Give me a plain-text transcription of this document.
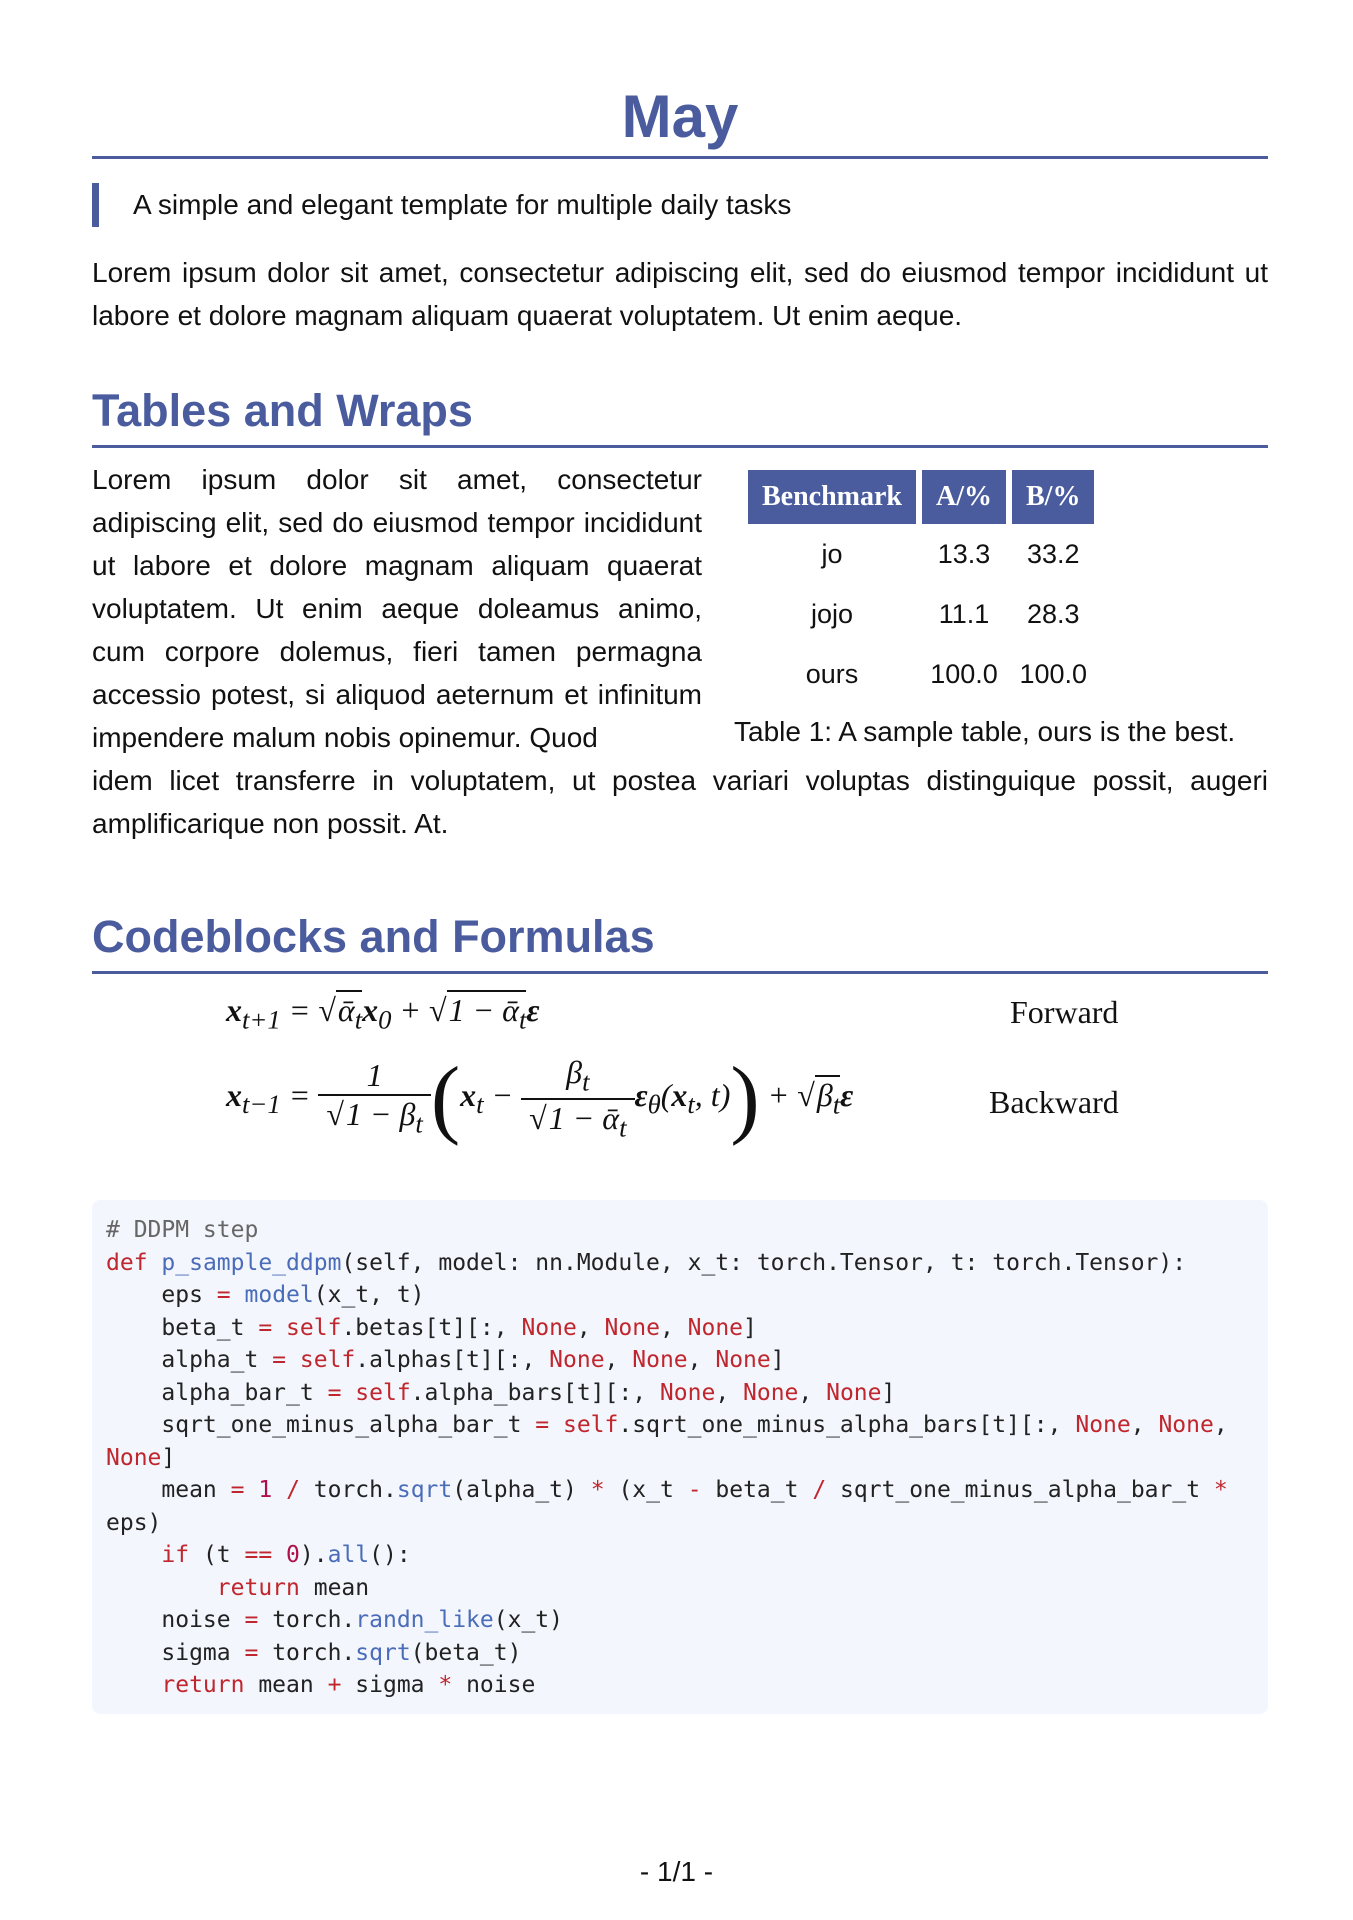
May
A simple and elegant template for multiple daily tasks
Lorem ipsum dolor sit amet, consectetur adipiscing elit, sed do eiusmod tempor incididunt ut labore et dolore magnam aliquam quaerat voluptatem. Ut enim aeque.
Tables and Wraps
Lorem ipsum dolor sit amet, consectetur adipiscing elit, sed do eiusmod tempor incididunt ut labore et dolore magnam aliquam quaerat voluptatem. Ut enim aeque doleamus animo, cum corpore dolemus, fieri tamen permagna accessio potest, si aliquod aeternum et infinitum impendere malum nobis opinemur. Quod
idem licet transferre in voluptatem, ut postea variari voluptas distinguique possit, augeri amplificarique non possit. At.
Benchmark	A/%	B/%
jo	13.3	33.2
jojo	11.1	28.3
ours	100.0	100.0
Table 1: A sample table, ours is the best.
Codeblocks and Formulas
$x_{t+1}$ = $√ᾱ_tx_0 + √1$ − ᾱ$_t$ε	Forward
$x_{t-1} = \frac{1}{√1 - \beta_t} (x_t - \frac{\beta_t}{√1 - ᾱ_t} \varepsilon_\theta(x_t$, $t)) + √\beta_t\varepsilon$	Backward
# DDPM step
def p_sample_ddpm(self, model: nn.Module, x_t: torch.Tensor, t: torch.Tensor):
eps = model(x_t, t)
beta_t = self.betas[t][:, None, None, None]
alpha_t = self.alphas[t][:, None, None, None]
alpha_bar_t = self.alpha_bars[t][:, None, None, None]
sqrt_one_minus_alpha_bar_t = self.sqrt_one_minus_alpha_bars[t][:, None, None,
None]
mean = 1 / torch.sqrt(alpha_t) * (x_t - beta_t / sqrt_one_minus_alpha_bar_t *
eps)
if (t == 0).all():
return mean
noise = torch.randn_like(x_t)
sigma = torch.sqrt(beta_t)
return mean + sigma * noise
- 1/1 -
